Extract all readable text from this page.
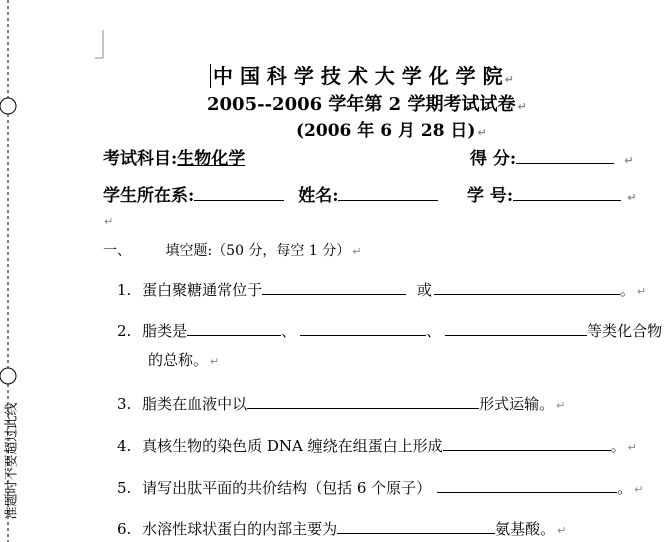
准题时不要超过此线
中 国 科 学 技 术 大 学 化 学 院 ↵
2005--2006 学年第 2 学期考试试卷 ↵
(2006 年 6 月 28 日) ↵
考试科目:生物化学	得 分:	↵
学生所在系:	姓名:	学 号:	↵
↵
一、 填空题:（50 分，每空 1 分） ↵
1. 蛋白聚糖通常位于	或	。 ↵
2. 脂类是	、	、	等类化合物
的总称。 ↵
3. 脂类在血液中以	形式运输。 ↵
4. 真核生物的染色质 DNA 缠绕在组蛋白上形成	。 ↵
5. 请写出肽平面的共价结构（包括 6 个原子）	。 ↵
6. 水溶性球状蛋白的内部主要为	氨基酸。 ↵
